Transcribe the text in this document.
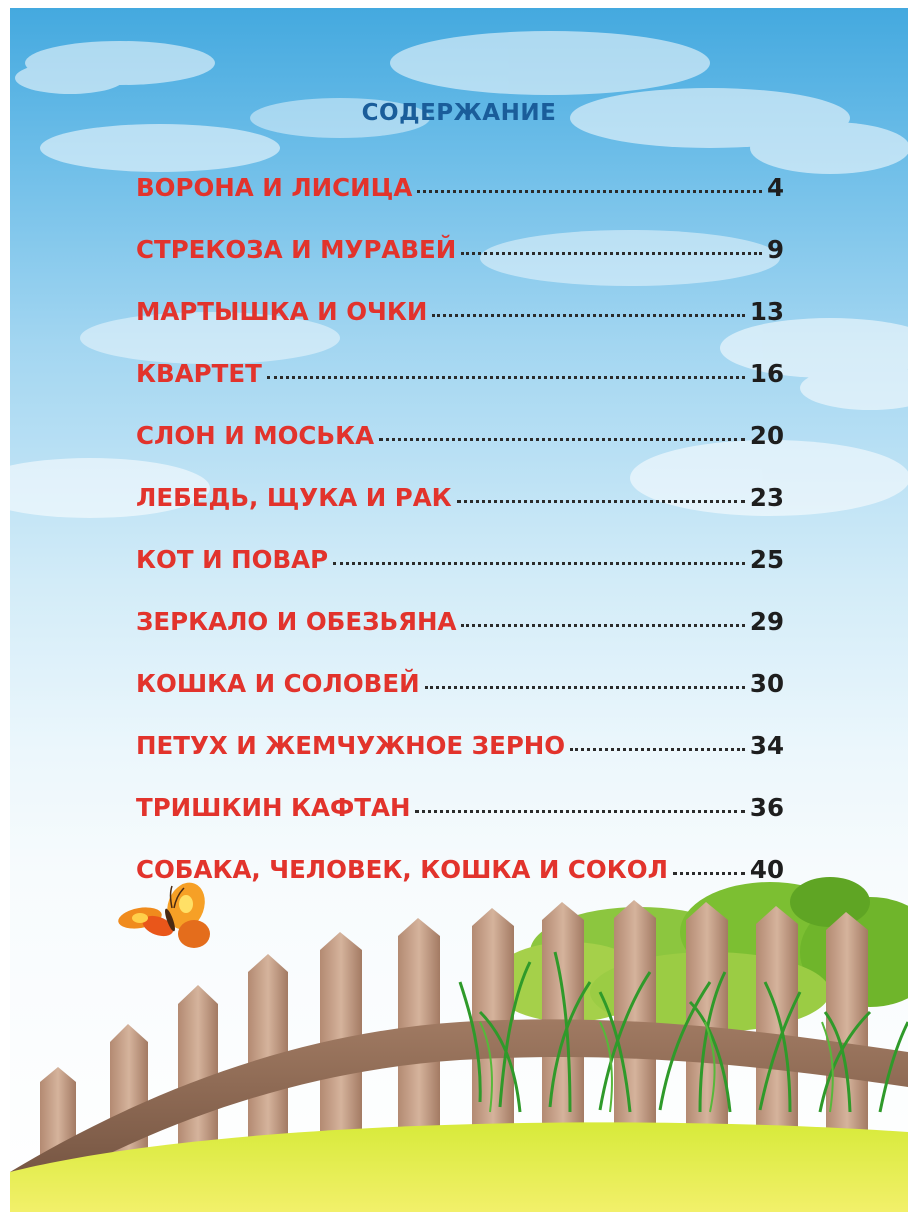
СОДЕРЖАНИЕ
ВОРОНА И ЛИСИЦА	4
СТРЕКОЗА И МУРАВЕЙ	9
МАРТЫШКА И ОЧКИ	13
КВАРТЕТ	16
СЛОН И МОСЬКА	20
ЛЕБЕДЬ, ЩУКА И РАК	23
КОТ И ПОВАР	25
ЗЕРКАЛО И ОБЕЗЬЯНА	29
КОШКА И СОЛОВЕЙ	30
ПЕТУХ И ЖЕМЧУЖНОЕ ЗЕРНО	34
ТРИШКИН КАФТАН	36
СОБАКА, ЧЕЛОВЕК, КОШКА И СОКОЛ	40
